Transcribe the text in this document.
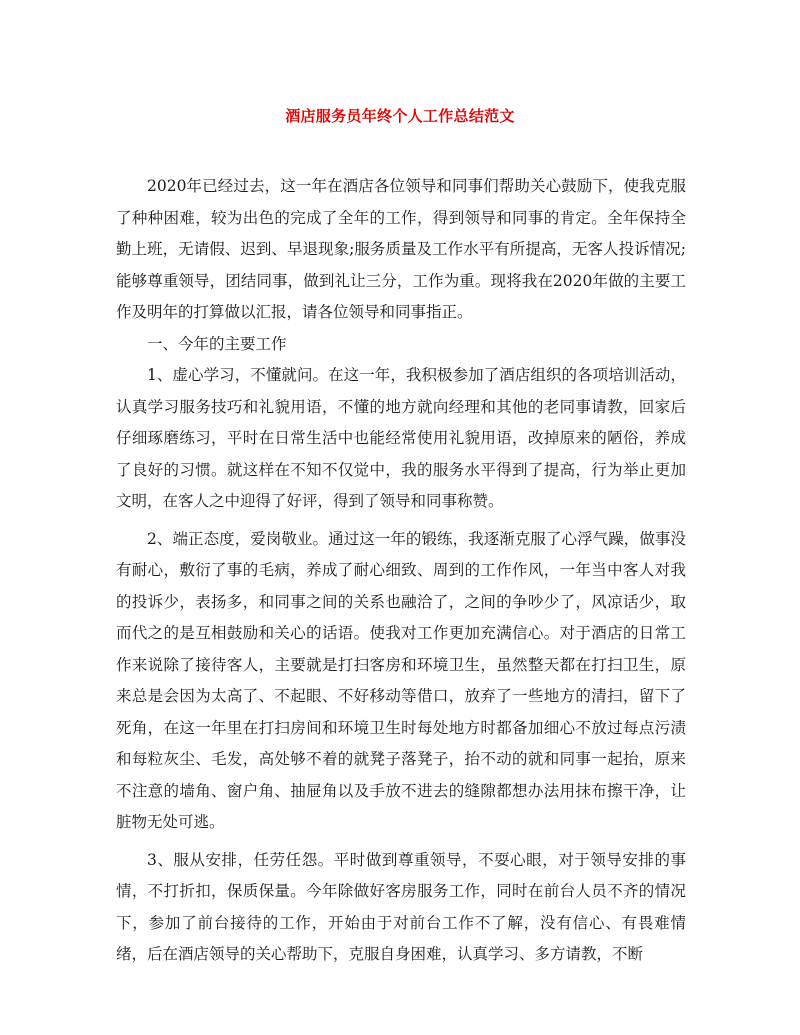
酒店服务员年终个人工作总结范文

2020年已经过去，这一年在酒店各位领导和同事们帮助关心鼓励下，使我克服了种种困难，较为出色的完成了全年的工作，得到领导和同事的肯定。全年保持全勤上班，无请假、迟到、早退现象;服务质量及工作水平有所提高，无客人投诉情况;能够尊重领导，团结同事，做到礼让三分，工作为重。现将我在2020年做的主要工作及明年的打算做以汇报，请各位领导和同事指正。

一、今年的主要工作

1、虚心学习，不懂就问。在这一年，我积极参加了酒店组织的各项培训活动，认真学习服务技巧和礼貌用语，不懂的地方就向经理和其他的老同事请教，回家后仔细琢磨练习，平时在日常生活中也能经常使用礼貌用语，改掉原来的陋俗，养成了良好的习惯。就这样在不知不仅觉中，我的服务水平得到了提高，行为举止更加文明，在客人之中迎得了好评，得到了领导和同事称赞。

2、端正态度，爱岗敬业。通过这一年的锻练，我逐渐克服了心浮气躁，做事没有耐心，敷衍了事的毛病，养成了耐心细致、周到的工作作风，一年当中客人对我的投诉少，表扬多，和同事之间的关系也融洽了，之间的争吵少了，风凉话少，取而代之的是互相鼓励和关心的话语。使我对工作更加充满信心。对于酒店的日常工作来说除了接待客人，主要就是打扫客房和环境卫生，虽然整天都在打扫卫生，原来总是会因为太高了、不起眼、不好移动等借口，放弃了一些地方的清扫，留下了死角，在这一年里在打扫房间和环境卫生时每处地方时都备加细心不放过每点污渍和每粒灰尘、毛发，高处够不着的就凳子落凳子，抬不动的就和同事一起抬，原来不注意的墙角、窗户角、抽屉角以及手放不进去的缝隙都想办法用抹布擦干净，让脏物无处可逃。

3、服从安排，任劳任怨。平时做到尊重领导，不耍心眼，对于领导安排的事情，不打折扣，保质保量。今年除做好客房服务工作，同时在前台人员不齐的情况下，参加了前台接待的工作，开始由于对前台工作不了解，没有信心、有畏难情绪，后在酒店领导的关心帮助下，克服自身困难，认真学习、多方请教，不断
